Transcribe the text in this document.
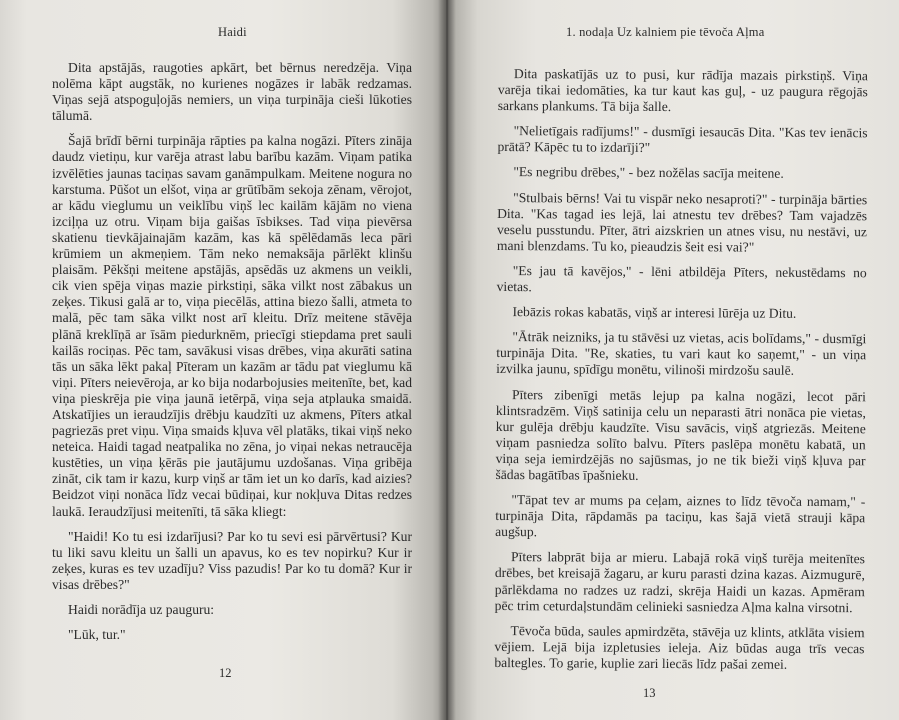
Haidi

Dita apstājās, raugoties apkārt, bet bērnus neredzēja. Viņa nolēma kāpt augstāk, no kurienes nogāzes ir labāk redzamas. Viņas sejā atspoguļojās nemiers, un viņa turpināja cieši lūkoties tālumā.

Šajā brīdī bērni turpināja rāpties pa kalna nogāzi. Pīters zināja daudz vietiņu, kur varēja atrast labu barību kazām. Viņam patika izvēlēties jaunas taciņas savam ganāmpulkam. Meitene nogura no karstuma. Pūšot un elšot, viņa ar grūtībām sekoja zēnam, vērojot, ar kādu vieglumu un veiklību viņš lec kailām kājām no viena izciļņa uz otru. Viņam bija gaišas īsbikses. Tad viņa pievērsa skatienu tievkājainajām kazām, kas kā spēlēdamās leca pāri krūmiem un akmeņiem. Tām neko nemaksāja pārlēkt klinšu plaisām. Pēkšņi meitene apstājās, apsēdās uz akmens un veikli, cik vien spēja viņas mazie pirkstiņi, sāka vilkt nost zābakus un zeķes. Tikusi galā ar to, viņa piecēlās, attina biezo šalli, atmeta to malā, pēc tam sāka vilkt nost arī kleitu. Drīz meitene stāvēja plānā kreklīņā ar īsām piedurknēm, priecīgi stiepdama pret sauli kailās rociņas. Pēc tam, savākusi visas drēbes, viņa akurāti satina tās un sāka lēkt pakaļ Pīteram un kazām ar tādu pat vieglumu kā viņi. Pīters neievēroja, ar ko bija nodarbojusies meitenīte, bet, kad viņa pieskrēja pie viņa jaunā ietērpā, viņa seja atplauka smaidā. Atskatījies un ieraudzījis drēbju kaudzīti uz akmens, Pīters atkal pagriezās pret viņu. Viņa smaids kļuva vēl platāks, tikai viņš neko neteica. Haidi tagad neatpalika no zēna, jo viņai nekas netraucēja kustēties, un viņa ķērās pie jautājumu uzdošanas. Viņa gribēja zināt, cik tam ir kazu, kurp viņš ar tām iet un ko darīs, kad aizies? Beidzot viņi nonāca līdz vecai būdiņai, kur nokļuva Ditas redzes laukā. Ieraudzījusi meitenīti, tā sāka kliegt:

"Haidi! Ko tu esi izdarījusi? Par ko tu sevi esi pārvērtusi? Kur tu liki savu kleitu un šalli un apavus, ko es tev nopirku? Kur ir zeķes, kuras es tev uzadīju? Viss pazudis! Par ko tu domā? Kur ir visas drēbes?"

Haidi norādīja uz pauguru:

"Lūk, tur."

12
1. nodaļa Uz kalniem pie tēvoča Aļma

Dita paskatījās uz to pusi, kur rādīja mazais pirkstiņš. Viņa varēja tikai iedomāties, ka tur kaut kas guļ, - uz paugura rēgojās sarkans plankums. Tā bija šalle.

"Nelietīgais radījums!" - dusmīgi iesaucās Dita. "Kas tev ienācis prātā? Kāpēc tu to izdarīji?"

"Es negribu drēbes," - bez nožēlas sacīja meitene.

"Stulbais bērns! Vai tu vispār neko nesaproti?" - turpināja bārties Dita. "Kas tagad ies lejā, lai atnestu tev drēbes? Tam vajadzēs veselu pusstundu. Pīter, ātri aizskrien un atnes visu, nu nestāvi, uz mani blenzdams. Tu ko, pieaudzis šeit esi vai?"

"Es jau tā kavējos," - lēni atbildēja Pīters, nekustēdams no vietas.

Iebāzis rokas kabatās, viņš ar interesi lūrēja uz Ditu.

"Ātrāk neizniks, ja tu stāvēsi uz vietas, acis bolīdams," - dusmīgi turpināja Dita. "Re, skaties, tu vari kaut ko saņemt," - un viņa izvilka jaunu, spīdīgu monētu, vilinoši mirdzošu saulē.

Pīters zibenīgi metās lejup pa kalna nogāzi, lecot pāri klintsradzēm. Viņš satinija celu un neparasti ātri nonāca pie vietas, kur gulēja drēbju kaudzīte. Visu savācis, viņš atgriezās. Meitene viņam pasniedza solīto balvu. Pīters paslēpa monētu kabatā, un viņa seja iemirdzējās no sajūsmas, jo ne tik bieži viņš kļuva par šādas bagātības īpašnieku.

"Tāpat tev ar mums pa ceļam, aiznes to līdz tēvoča namam," - turpināja Dita, rāpdamās pa taciņu, kas šajā vietā strauji kāpa augšup.

Pīters labprāt bija ar mieru. Labajā rokā viņš turēja meitenītes drēbes, bet kreisajā žagaru, ar kuru parasti dzina kazas. Aizmugurē, pārlēkdama no radzes uz radzi, skrēja Haidi un kazas. Apmēram pēc trim ceturdaļstundām celinieki sasniedza Aļma kalna virsotni.

Tēvoča būda, saules apmirdzēta, stāvēja uz klints, atklāta visiem vējiem. Lejā bija izpletusies ieleja. Aiz būdas auga trīs vecas baltegles. To garie, kuplie zari liecās līdz pašai zemei.

13
